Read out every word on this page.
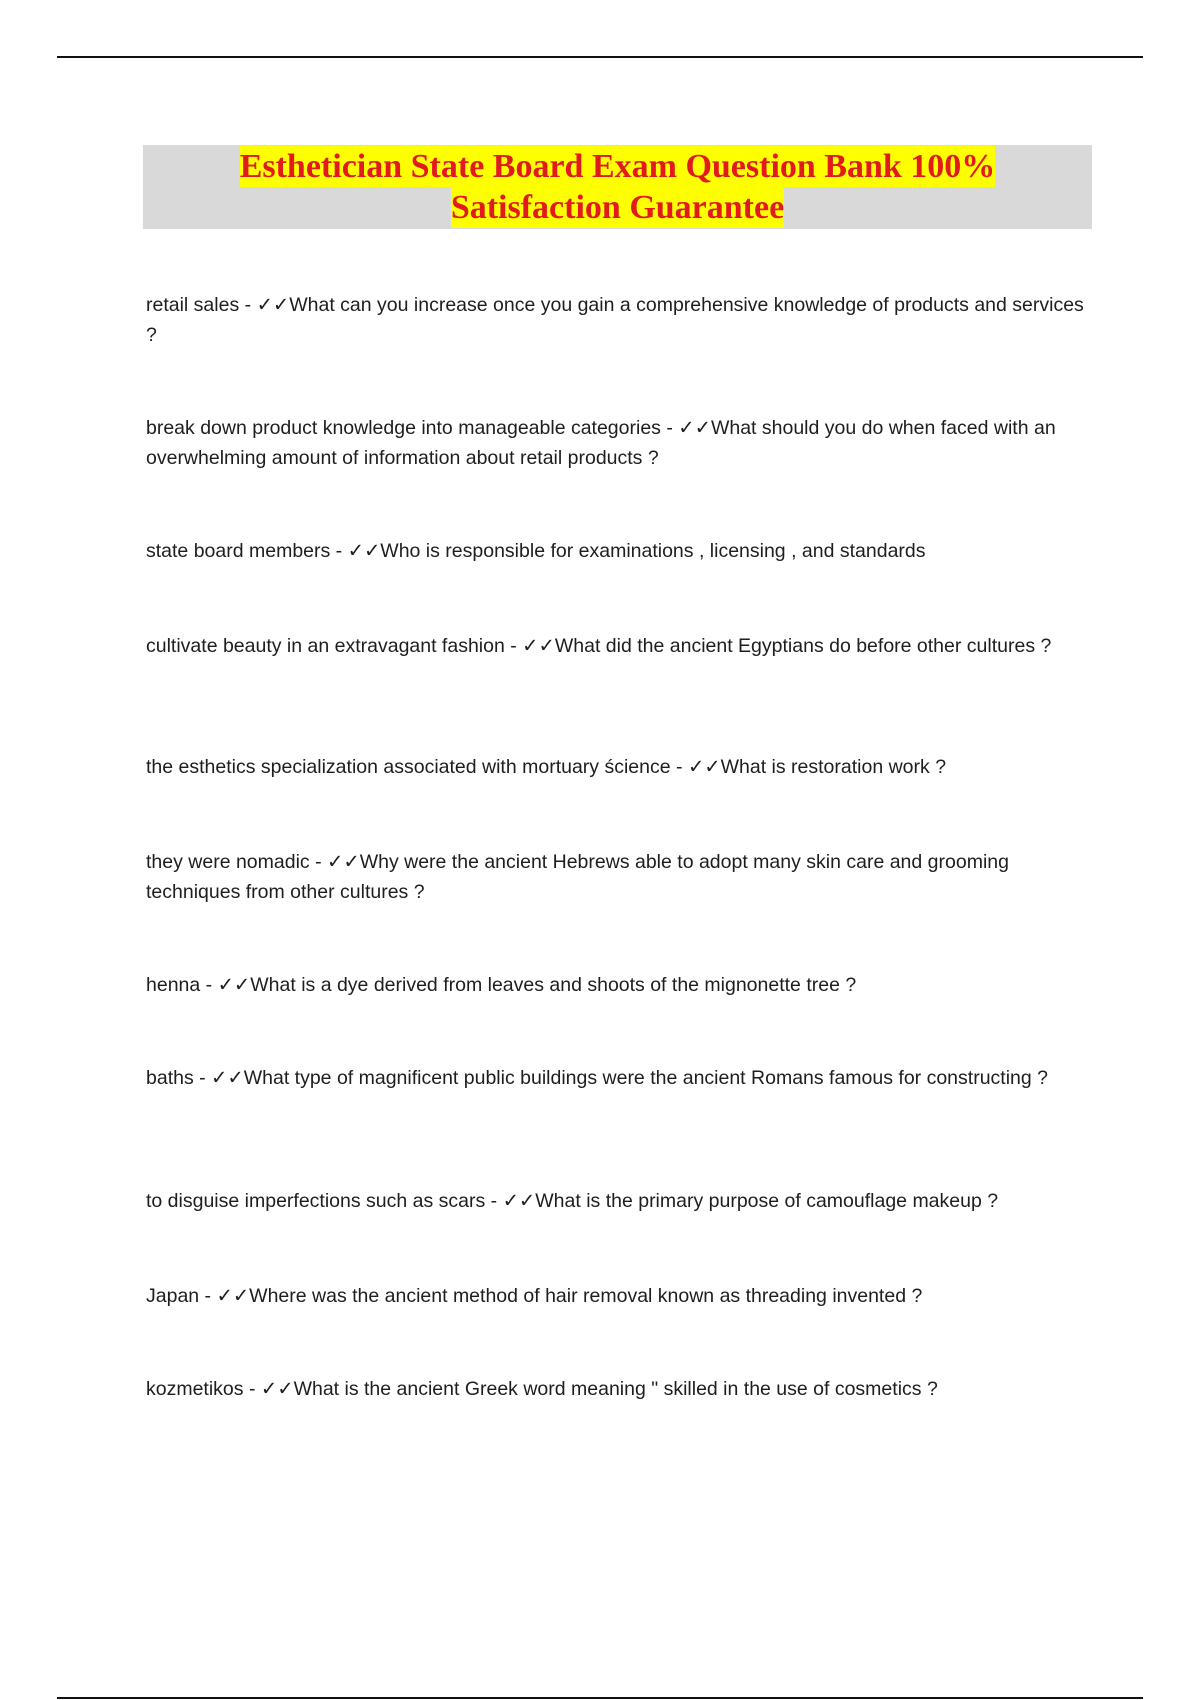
Esthetician State Board Exam Question Bank 100%
Satisfaction Guarantee
retail sales - ✓✓What can you increase once you gain a comprehensive knowledge of products and services ?
break down product knowledge into manageable categories - ✓✓What should you do when faced with an overwhelming amount of information about retail products ?
state board members - ✓✓Who is responsible for examinations , licensing , and standards
cultivate beauty in an extravagant fashion - ✓✓What did the ancient Egyptians do before other cultures ?
the esthetics specialization associated with mortuary ścience - ✓✓What is restoration work ?
they were nomadic - ✓✓Why were the ancient Hebrews able to adopt many skin care and grooming techniques from other cultures ?
henna - ✓✓What is a dye derived from leaves and shoots of the mignonette tree ?
baths - ✓✓What type of magnificent public buildings were the ancient Romans famous for constructing ?
to disguise imperfections such as scars - ✓✓What is the primary purpose of camouflage makeup ?
Japan - ✓✓Where was the ancient method of hair removal known as threading invented ?
kozmetikos - ✓✓What is the ancient Greek word meaning " skilled in the use of cosmetics ?
